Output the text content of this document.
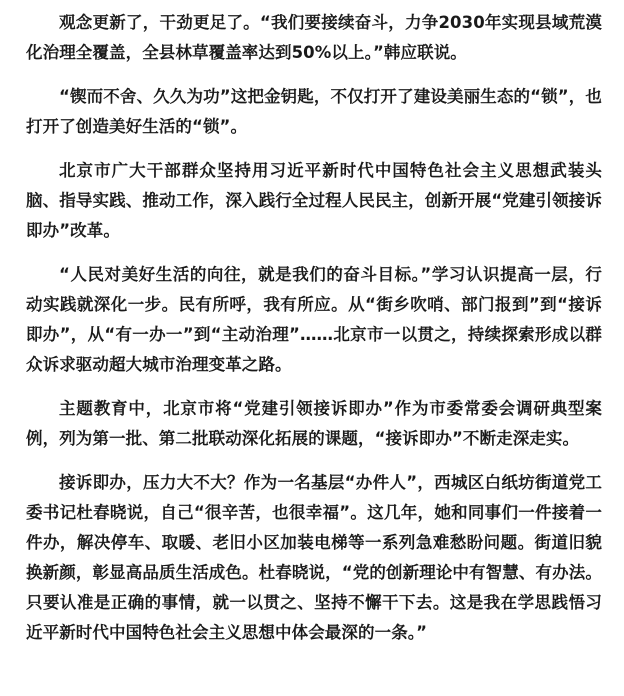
观念更新了，干劲更足了。“我们要接续奋斗，力争2030年实现县域荒漠化治理全覆盖，全县林草覆盖率达到50%以上。”韩应联说。

“锲而不舍、久久为功”这把金钥匙，不仅打开了建设美丽生态的“锁”，也打开了创造美好生活的“锁”。

北京市广大干部群众坚持用习近平新时代中国特色社会主义思想武装头脑、指导实践、推动工作，深入践行全过程人民民主，创新开展“党建引领接诉即办”改革。

“人民对美好生活的向往，就是我们的奋斗目标。”学习认识提高一层，行动实践就深化一步。民有所呼，我有所应。从“街乡吹哨、部门报到”到“接诉即办”，从“有一办一”到“主动治理”……北京市一以贯之，持续探索形成以群众诉求驱动超大城市治理变革之路。

主题教育中，北京市将“党建引领接诉即办”作为市委常委会调研典型案例，列为第一批、第二批联动深化拓展的课题，“接诉即办”不断走深走实。

接诉即办，压力大不大？作为一名基层“办件人”，西城区白纸坊街道党工委书记杜春晓说，自己“很辛苦，也很幸福”。这几年，她和同事们一件接着一件办，解决停车、取暖、老旧小区加装电梯等一系列急难愁盼问题。街道旧貌换新颜，彰显高品质生活成色。杜春晓说，“党的创新理论中有智慧、有办法。只要认准是正确的事情，就一以贯之、坚持不懈干下去。这是我在学思践悟习近平新时代中国特色社会主义思想中体会最深的一条。”
